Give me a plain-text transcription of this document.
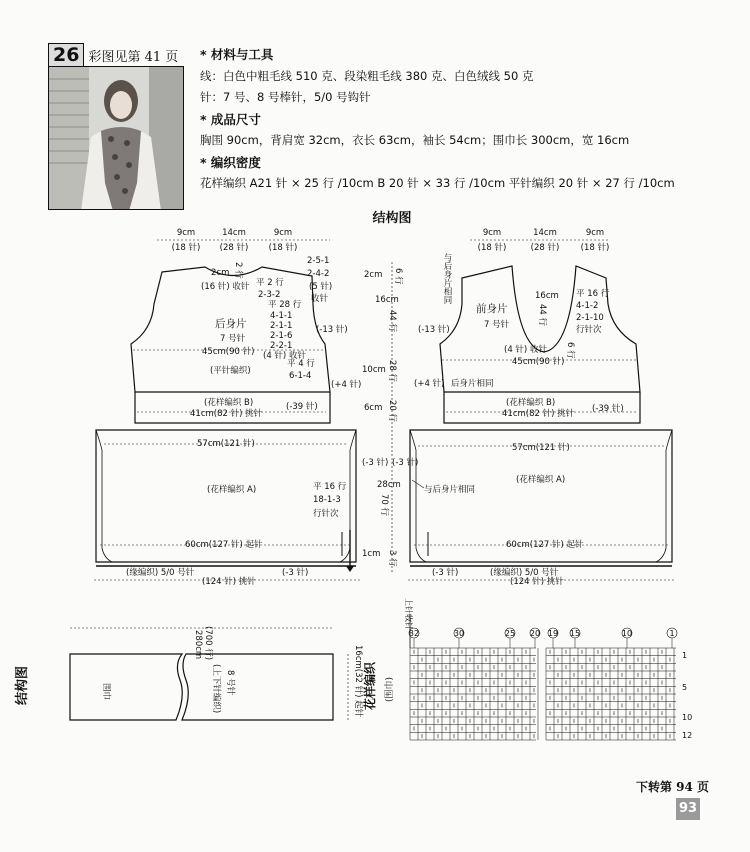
26 彩图见第 41 页 * 材料与工具
线：白色中粗毛线 510 克、段染粗毛线 380 克、白色绒线 50 克
针：7 号、8 号棒针，5/0 号钩针
* 成品尺寸
胸围 90cm，背肩宽 32cm，衣长 63cm，袖长 54cm；围巾长 300cm，宽 16cm
* 编织密度
花样编织 A21 针 × 25 行 /10cm B 20 针 × 33 行 /10cm 平针编织 20 针 × 27 行 /10cm
结构图
9cm	14cm	9cm
(18 针) (28 针) (18 针)
2 行
2cm
(16 针) 收针 平 2 行
2-3-2
2-5-1
2-4-2
(5 针)
收针
平 28 行
4-1-1
2-1-1
2-1-6
2-2-1
(4 针) 收针
(-13 针)
后身片
7 号针
45cm(90 针)
(平针编织)
平 4 行
6-1-4
(+4 针)
(花样编织 B)
41cm(82 针) 挑针
(-39 针)
57cm(121 针)
(花样编织 A)	平 16 行
18-1-3
行针次
60cm(127 针) 起针
(缘编织) 5/0 号针	(-3 针)
(124 针) 挑针
2cm 6 行
16cm
44 行
10cm 28 行
6cm 20 行
(-3 针) (-3 针)
28cm
70 行
1cm 3 行
9cm	14cm	9cm
(18 针)	(28 针)	(18 针)
与后身片相同
前身片
7 号针
16cm
44 行
平 16 行
4-1-2
2-1-10
行针次
(-13 针)
(4 针) 收针 6 行
45cm(90 针)
(+4 针) 后身片相同
(花样编织 B)
41cm(82 针) 挑针 (-39 针)
57cm(121 针)
(花样编织 A)
与后身片相同
60cm(127 针) 起针
(-3 针)	(缘编织) 5/0 号针
(124 针) 挑针
结构图
280cm (700 行)
围巾	(上下针编织) 8 号针	16cm(32 针) 起针 花样编织 (围巾)
上针收针
32	30	25 20 19 15	10	1
12
10
5
1
下转第 94 页
93
